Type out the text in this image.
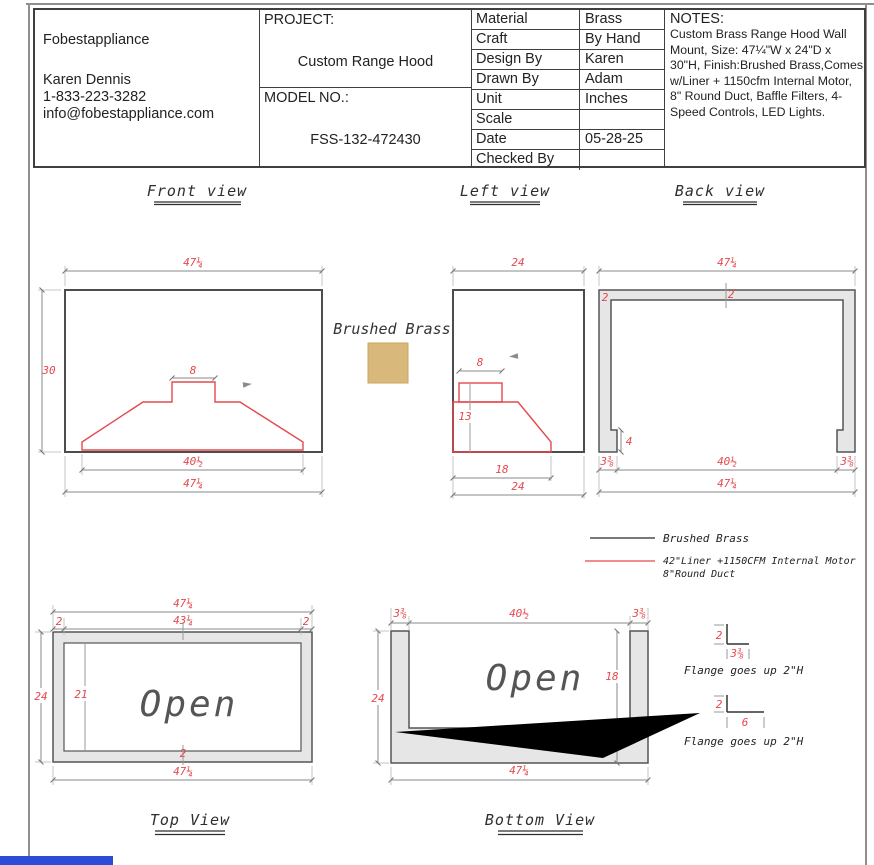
Fobestappliance
Karen Dennis
1-833-223-3282
info@fobestappliance.com
PROJECT:
Custom Range Hood
MODEL NO.:
FSS-132-472430
Material	Brass
Craft	By Hand
Design By	Karen
Drawn By	Adam
Unit	Inches
Scale
Date	05-28-25
Checked By
NOTES:
Custom Brass Range Hood Wall Mount, Size: 47¼"W x 24"D x 30"H, Finish:Brushed Brass,Comes w/Liner + 1150cfm Internal Motor, 8" Round Duct, Baffle Filters, 4-Speed Controls, LED Lights.
Front view
47¼
30	8
40½
47¼
Left view
24
8
13
18
24
Back view
47¼
2	2
4
3⅜	40½	3⅜
47¼
Brushed Brass
Brushed Brass
42"Liner +1150CFM Internal Motor
8"Round Duct
Open
47¼
2	43¼	2
24 21
2
47¼
Top View
Open
3⅜	40½	3⅜
24
18
47¼
Bottom View
2
3⅜
Flange goes up 2"H
2
6
Flange goes up 2"H
